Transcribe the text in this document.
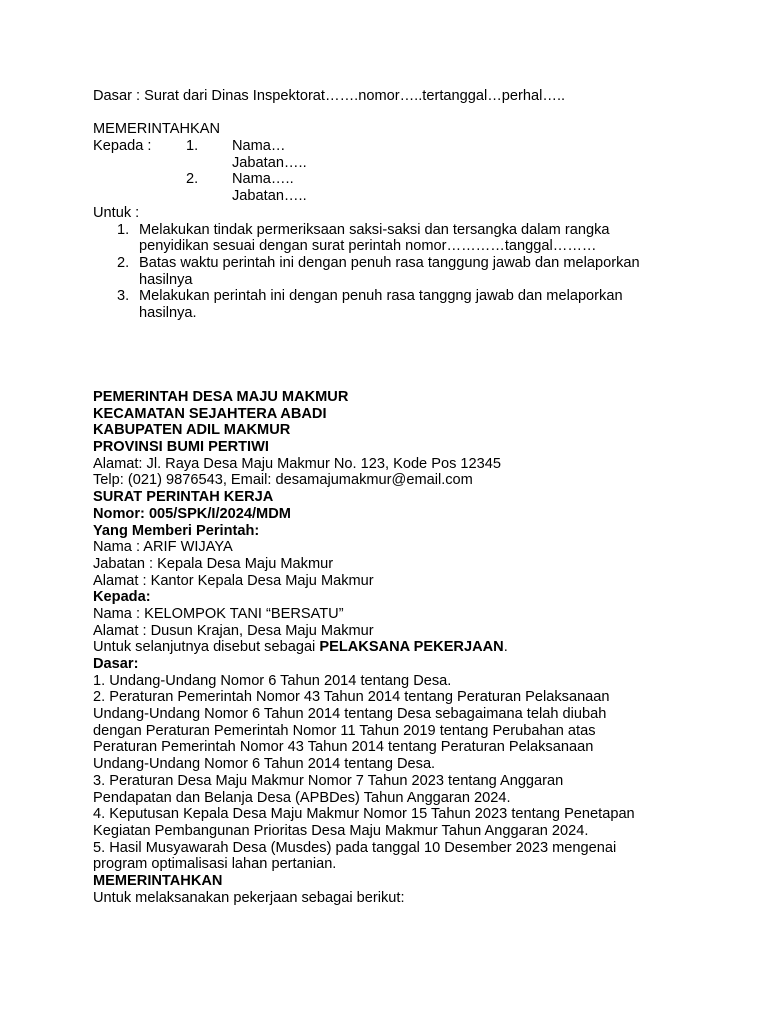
Dasar : Surat dari Dinas Inspektorat…….nomor…..tertanggal…perhal…..
MEMERINTAHKAN
Kepada : 1. Nama…
Jabatan…..
2. Nama…..
Jabatan…..
Untuk :
1. Melakukan tindak permeriksaan saksi-saksi dan tersangka dalam rangka penyidikan sesuai dengan surat perintah nomor…………tanggal………
2. Batas waktu perintah ini dengan penuh rasa tanggung jawab dan melaporkan hasilnya
3. Melakukan perintah ini dengan penuh rasa tanggng jawab dan melaporkan hasilnya.
PEMERINTAH DESA MAJU MAKMUR
KECAMATAN SEJAHTERA ABADI
KABUPATEN ADIL MAKMUR
PROVINSI BUMI PERTIWI
Alamat: Jl. Raya Desa Maju Makmur No. 123, Kode Pos 12345
Telp: (021) 9876543, Email: desamajumakmur@email.com
SURAT PERINTAH KERJA
Nomor: 005/SPK/I/2024/MDM
Yang Memberi Perintah:
Nama : ARIF WIJAYA
Jabatan : Kepala Desa Maju Makmur
Alamat : Kantor Kepala Desa Maju Makmur
Kepada:
Nama : KELOMPOK TANI “BERSATU”
Alamat : Dusun Krajan, Desa Maju Makmur
Untuk selanjutnya disebut sebagai PELAKSANA PEKERJAAN.
Dasar:
1. Undang-Undang Nomor 6 Tahun 2014 tentang Desa.
2. Peraturan Pemerintah Nomor 43 Tahun 2014 tentang Peraturan Pelaksanaan
Undang-Undang Nomor 6 Tahun 2014 tentang Desa sebagaimana telah diubah
dengan Peraturan Pemerintah Nomor 11 Tahun 2019 tentang Perubahan atas
Peraturan Pemerintah Nomor 43 Tahun 2014 tentang Peraturan Pelaksanaan
Undang-Undang Nomor 6 Tahun 2014 tentang Desa.
3. Peraturan Desa Maju Makmur Nomor 7 Tahun 2023 tentang Anggaran
Pendapatan dan Belanja Desa (APBDes) Tahun Anggaran 2024.
4. Keputusan Kepala Desa Maju Makmur Nomor 15 Tahun 2023 tentang Penetapan
Kegiatan Pembangunan Prioritas Desa Maju Makmur Tahun Anggaran 2024.
5. Hasil Musyawarah Desa (Musdes) pada tanggal 10 Desember 2023 mengenai
program optimalisasi lahan pertanian.
MEMERINTAHKAN
Untuk melaksanakan pekerjaan sebagai berikut:
